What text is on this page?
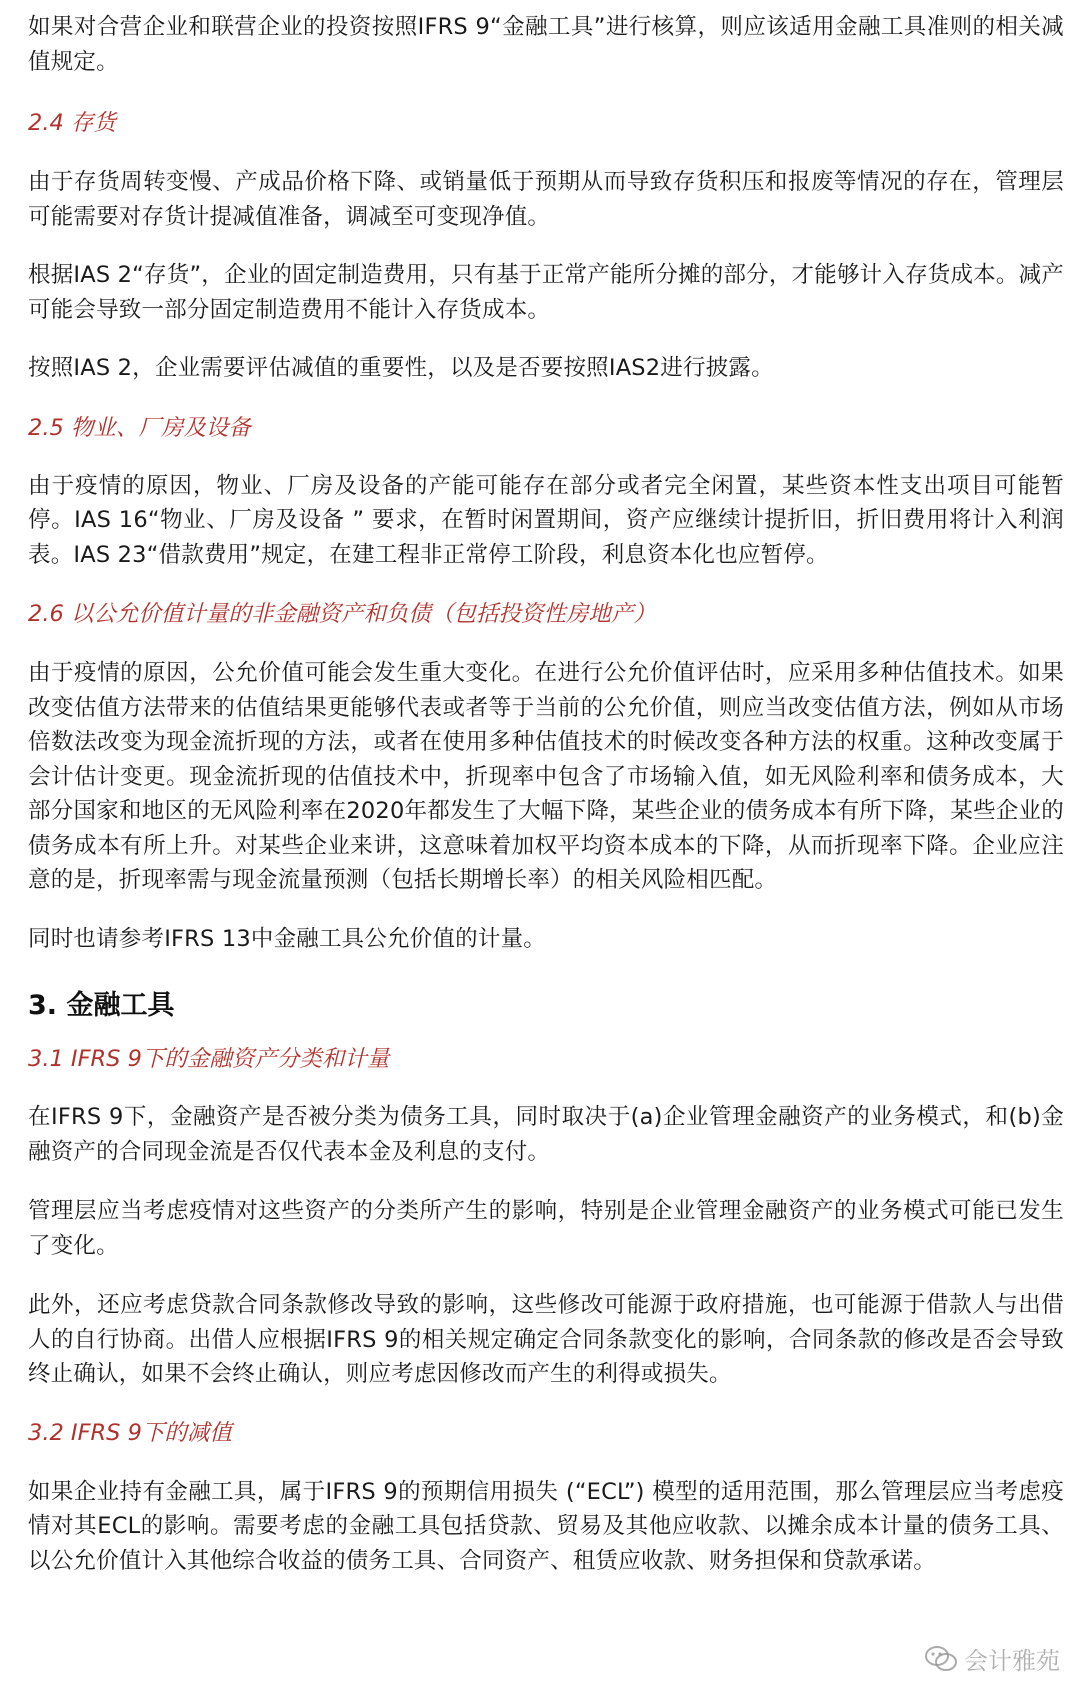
如果对合营企业和联营企业的投资按照IFRS 9“金融工具”进行核算，则应该适用金融工具准则的相关减值规定。

2.4 存货

由于存货周转变慢、产成品价格下降、或销量低于预期从而导致存货积压和报废等情况的存在，管理层可能需要对存货计提减值准备，调减至可变现净值。

根据IAS 2“存货”，企业的固定制造费用，只有基于正常产能所分摊的部分，才能够计入存货成本。减产可能会导致一部分固定制造费用不能计入存货成本。

按照IAS 2，企业需要评估减值的重要性，以及是否要按照IAS2进行披露。

2.5 物业、厂房及设备

由于疫情的原因，物业、厂房及设备的产能可能存在部分或者完全闲置，某些资本性支出项目可能暂停。IAS 16“物业、厂房及设备 ” 要求，在暂时闲置期间，资产应继续计提折旧，折旧费用将计入利润表。IAS 23“借款费用”规定，在建工程非正常停工阶段，利息资本化也应暂停。

2.6 以公允价值计量的非金融资产和负债（包括投资性房地产）

由于疫情的原因，公允价值可能会发生重大变化。在进行公允价值评估时，应采用多种估值技术。如果改变估值方法带来的估值结果更能够代表或者等于当前的公允价值，则应当改变估值方法，例如从市场倍数法改变为现金流折现的方法，或者在使用多种估值技术的时候改变各种方法的权重。这种改变属于会计估计变更。现金流折现的估值技术中，折现率中包含了市场输入值，如无风险利率和债务成本，大部分国家和地区的无风险利率在2020年都发生了大幅下降，某些企业的债务成本有所下降，某些企业的债务成本有所上升。对某些企业来讲，这意味着加权平均资本成本的下降，从而折现率下降。企业应注意的是，折现率需与现金流量预测（包括长期增长率）的相关风险相匹配。

同时也请参考IFRS 13中金融工具公允价值的计量。

3. 金融工具
3.1 IFRS 9下的金融资产分类和计量

在IFRS 9下，金融资产是否被分类为债务工具，同时取决于(a)企业管理金融资产的业务模式，和(b)金融资产的合同现金流是否仅代表本金及利息的支付。

管理层应当考虑疫情对这些资产的分类所产生的影响，特别是企业管理金融资产的业务模式可能已发生了变化。

此外，还应考虑贷款合同条款修改导致的影响，这些修改可能源于政府措施，也可能源于借款人与出借人的自行协商。出借人应根据IFRS 9的相关规定确定合同条款变化的影响，合同条款的修改是否会导致终止确认，如果不会终止确认，则应考虑因修改而产生的利得或损失。

3.2 IFRS 9下的减值

如果企业持有金融工具，属于IFRS 9的预期信用损失 (“ECL”) 模型的适用范围，那么管理层应当考虑疫情对其ECL的影响。需要考虑的金融工具包括贷款、贸易及其他应收款、以摊余成本计量的债务工具、以公允价值计入其他综合收益的债务工具、合同资产、租赁应收款、财务担保和贷款承诺。

会计雅苑
